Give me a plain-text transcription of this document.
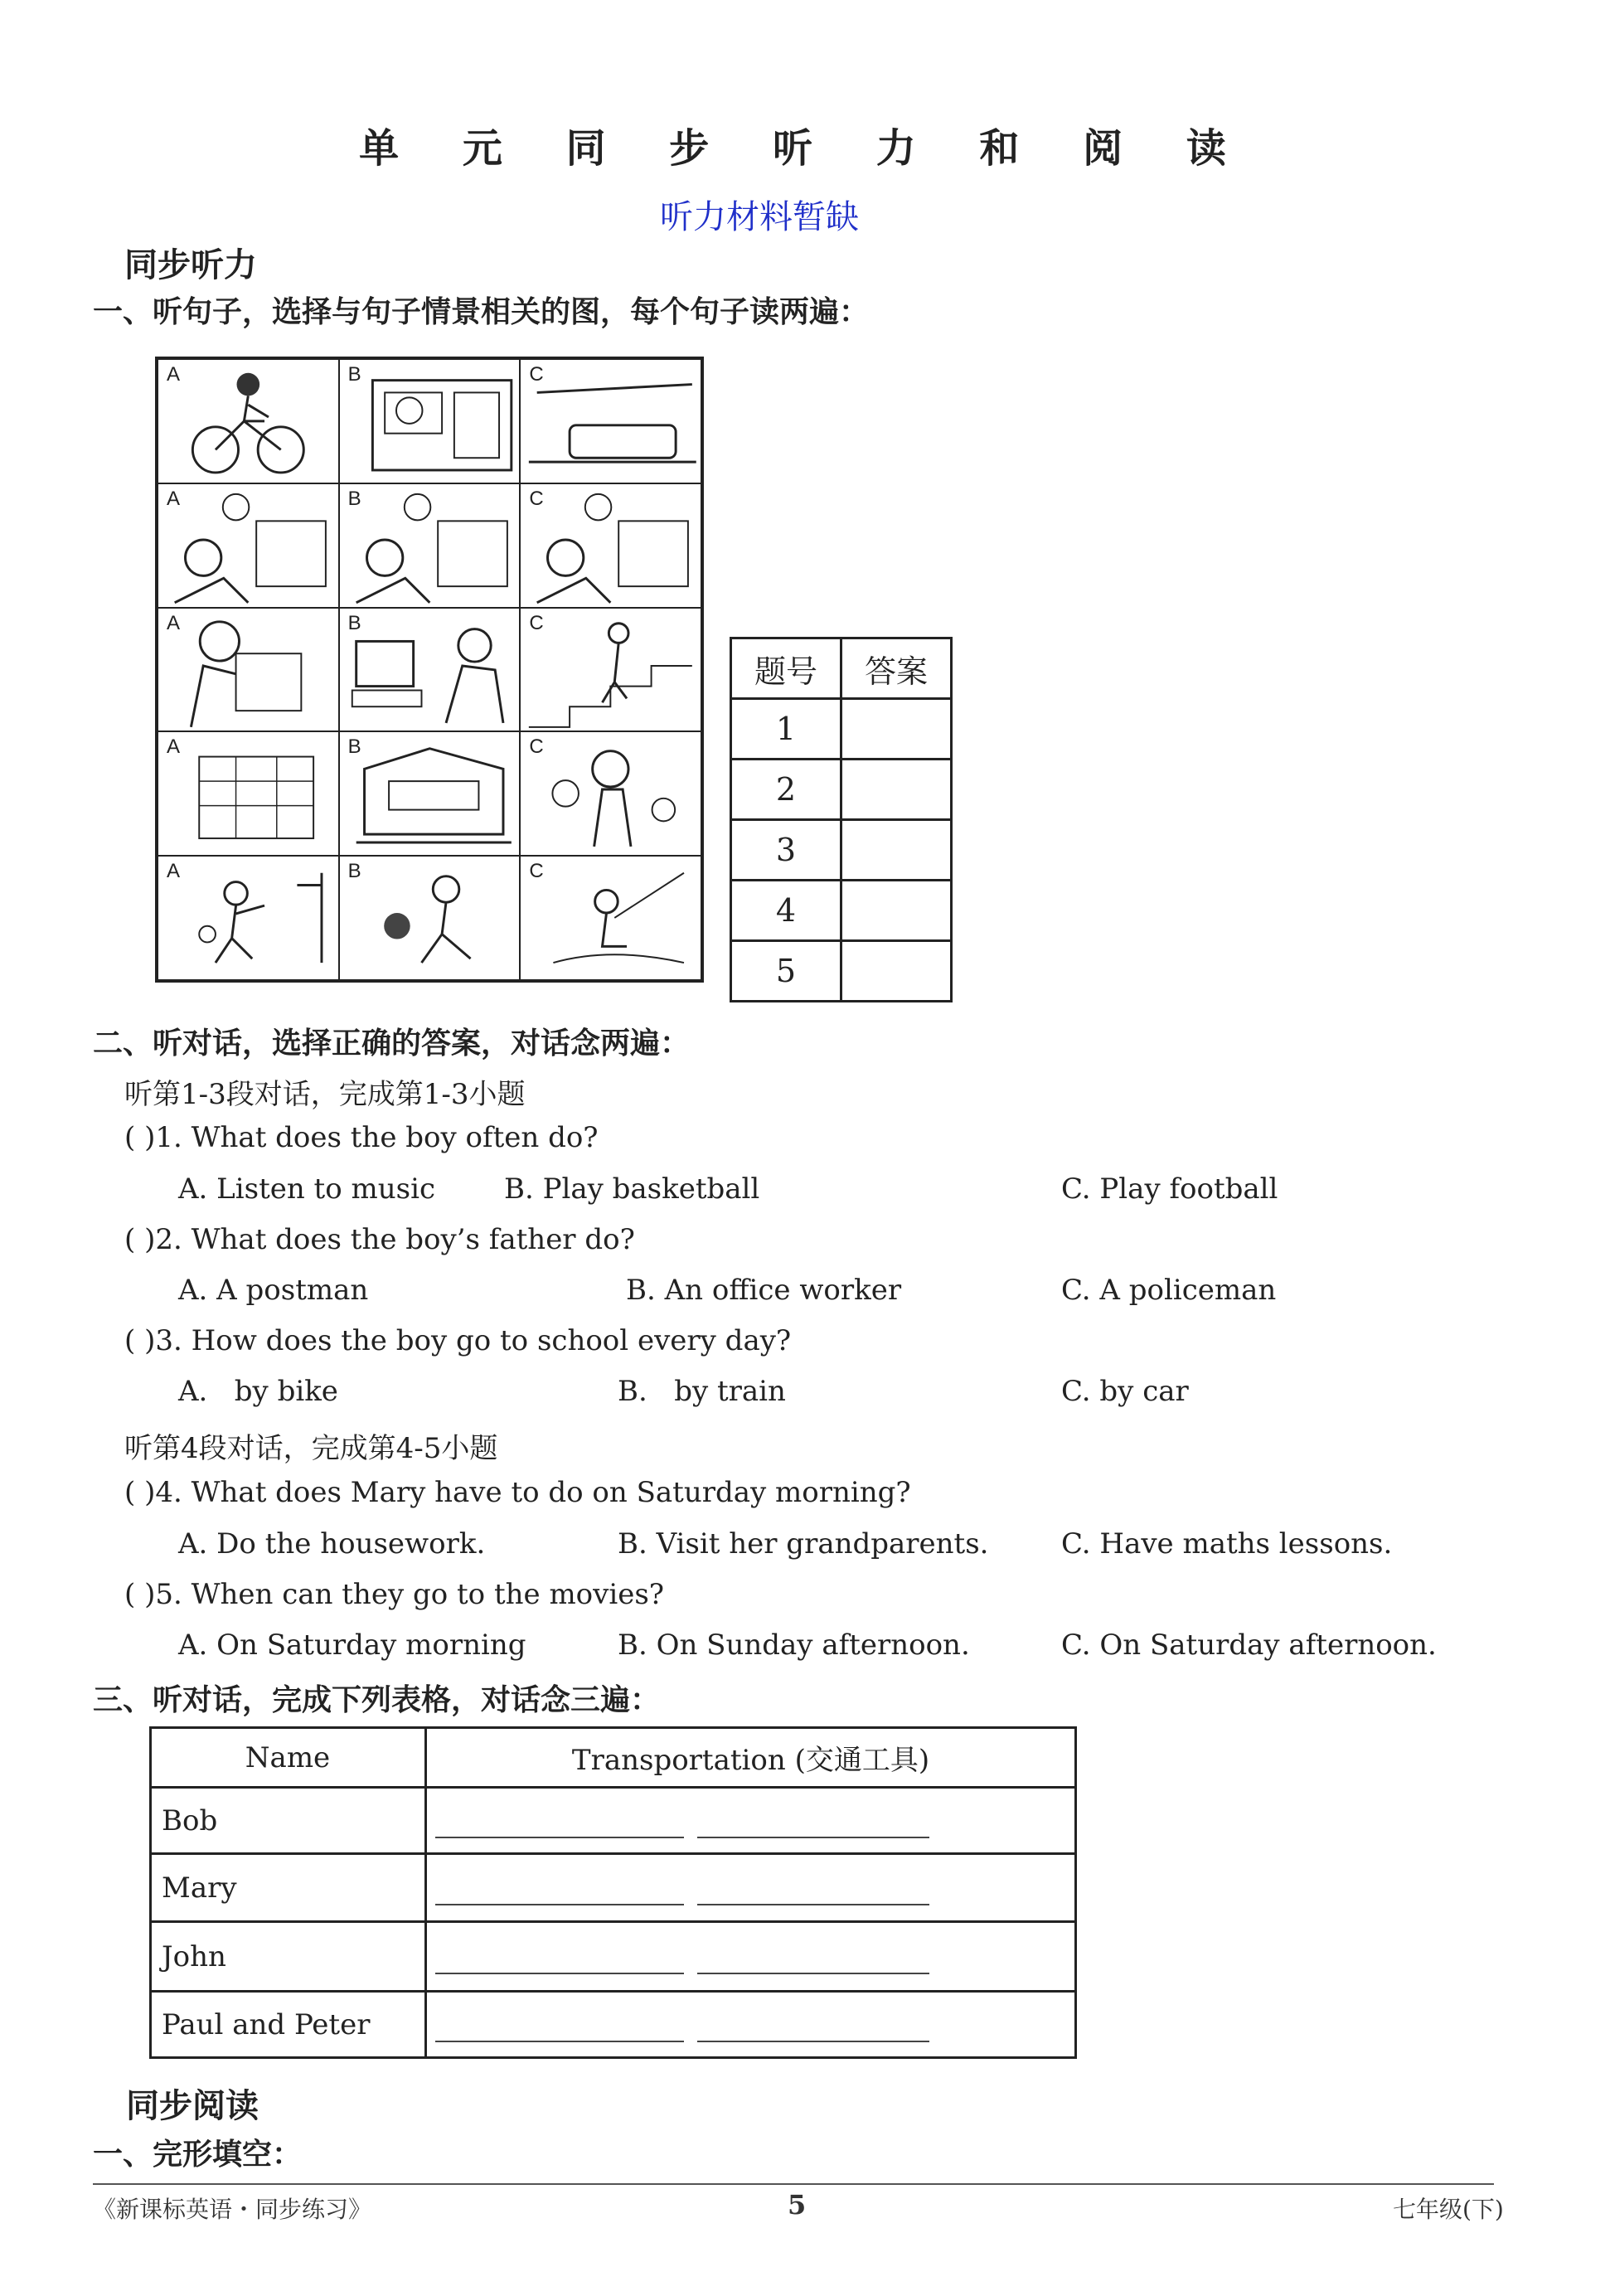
单 元 同 步 听 力 和 阅 读
听力材料暂缺
同步听力
一、听句子，选择与句子情景相关的图，每个句子读两遍：
A	B	C
A	B	C
A	B	C
A	B	C
A	B	C
题号	答案
1	
2	
3	
4	
5	
二、听对话，选择正确的答案，对话念两遍：
听第1-3段对话，完成第1-3小题
( )1. What does the boy often do?
A. Listen to music B. Play basketball	C. Play football
( )2. What does the boy’s father do?
A. A postman	B. An office worker	C. A policeman
( )3. How does the boy go to school every day?
A.   by bike	B.   by train	C. by car
听第4段对话，完成第4-5小题
( )4. What does Mary have to do on Saturday morning?
A. Do the housework.	B. Visit her grandparents.	C. Have maths lessons.
( )5. When can they go to the movies?
A. On Saturday morning	B. On Sunday afternoon.	C. On Saturday afternoon.
三、听对话，完成下列表格，对话念三遍：
Name	Transportation (交通工具)
Bob	
Mary	
John	
Paul and Peter	
同步阅读
一、完形填空：
《新课标英语・同步练习》	5	七年级(下)
